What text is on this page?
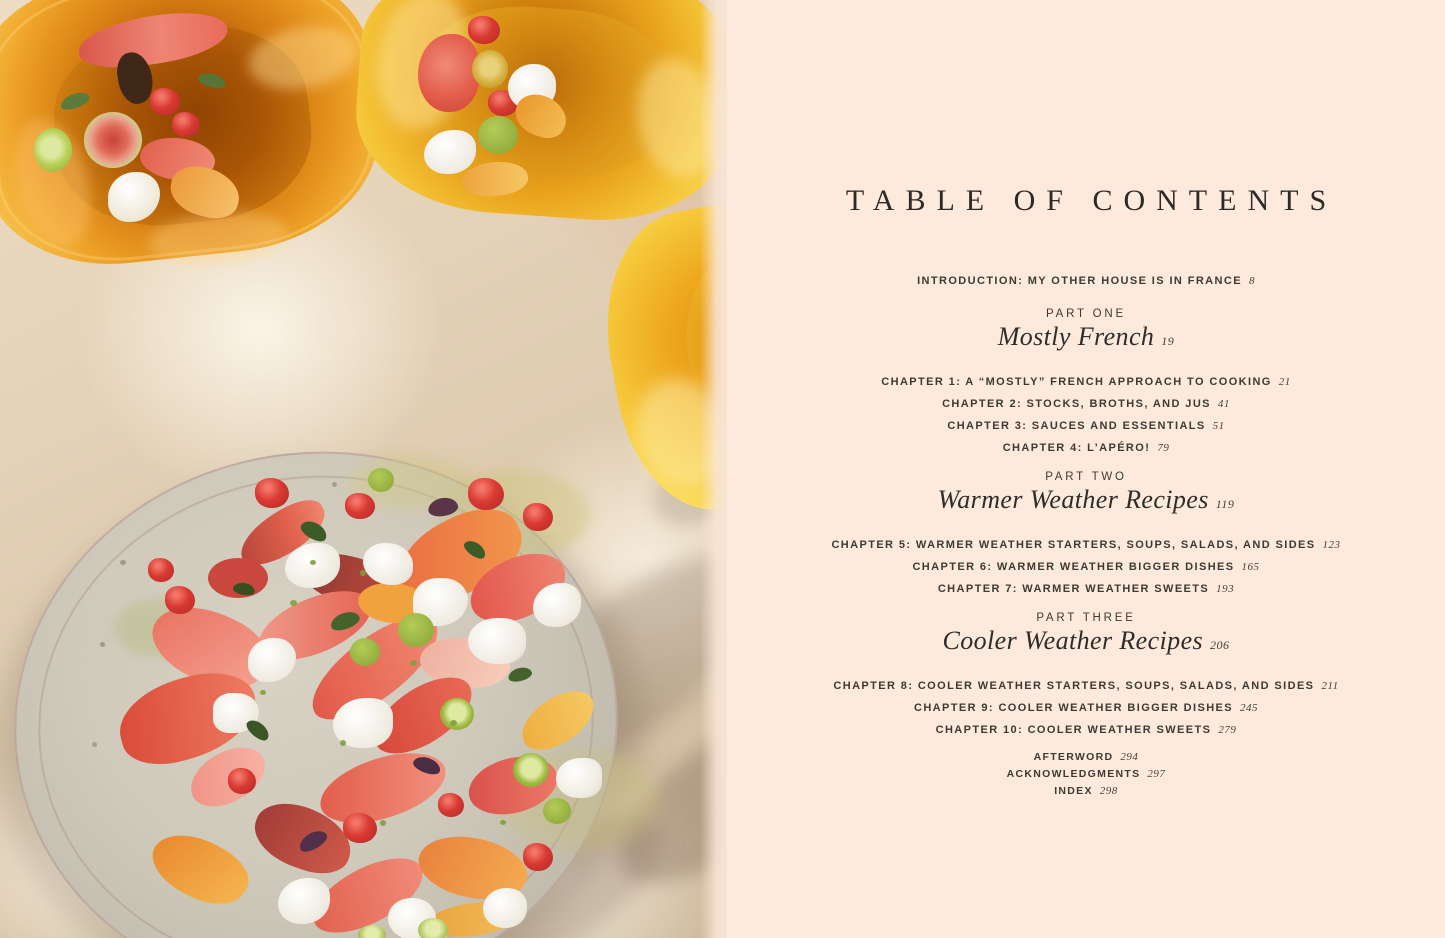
TABLE OF CONTENTS
INTRODUCTION: MY OTHER HOUSE IS IN FRANCE 8
PART ONE
Mostly French 19
CHAPTER 1: A “MOSTLY” FRENCH APPROACH TO COOKING 21
CHAPTER 2: STOCKS, BROTHS, AND JUS 41
CHAPTER 3: SAUCES AND ESSENTIALS 51
CHAPTER 4: L’APÉRO! 79
PART TWO
Warmer Weather Recipes 119
CHAPTER 5: WARMER WEATHER STARTERS, SOUPS, SALADS, AND SIDES 123
CHAPTER 6: WARMER WEATHER BIGGER DISHES 165
CHAPTER 7: WARMER WEATHER SWEETS 193
PART THREE
Cooler Weather Recipes 206
CHAPTER 8: COOLER WEATHER STARTERS, SOUPS, SALADS, AND SIDES 211
CHAPTER 9: COOLER WEATHER BIGGER DISHES 245
CHAPTER 10: COOLER WEATHER SWEETS 279
AFTERWORD 294
ACKNOWLEDGMENTS 297
INDEX 298
